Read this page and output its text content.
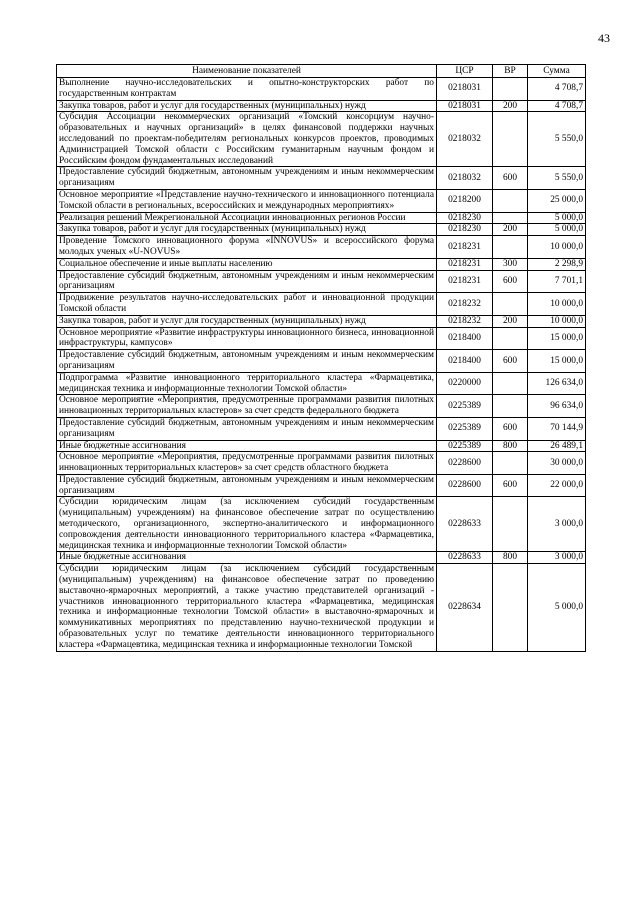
43
Наименование показателей	ЦСР	ВР	Сумма
Выполнение научно-исследовательских и опытно-конструкторских работ по государственным контрактам	0218031		4 708,7
Закупка товаров, работ и услуг для государственных (муниципальных) нужд	0218031	200	4 708,7
Субсидия Ассоциации некоммерческих организаций «Томский консорциум научно-образовательных и научных организаций» в целях финансовой поддержки научных исследований по проектам-победителям региональных конкурсов проектов, проводимых Администрацией Томской области с Российским гуманитарным научным фондом и Российским фондом фундаментальных исследований	0218032		5 550,0
Предоставление субсидий бюджетным, автономным учреждениям и иным некоммерческим организациям	0218032	600	5 550,0
Основное мероприятие «Представление научно-технического и инновационного потенциала Томской области в региональных, всероссийских и международных мероприятиях»	0218200		25 000,0
Реализация решений Межрегиональной Ассоциации инновационных регионов России	0218230		5 000,0
Закупка товаров, работ и услуг для государственных (муниципальных) нужд	0218230	200	5 000,0
Проведение Томского инновационного форума «INNOVUS» и всероссийского форума молодых ученых «U-NOVUS»	0218231		10 000,0
Социальное обеспечение и иные выплаты населению	0218231	300	2 298,9
Предоставление субсидий бюджетным, автономным учреждениям и иным некоммерческим организациям	0218231	600	7 701,1
Продвижение результатов научно-исследовательских работ и инновационной продукции Томской области	0218232		10 000,0
Закупка товаров, работ и услуг для государственных (муниципальных) нужд	0218232	200	10 000,0
Основное мероприятие «Развитие инфраструктуры инновационного бизнеса, инновационной инфраструктуры, кампусов»	0218400		15 000,0
Предоставление субсидий бюджетным, автономным учреждениям и иным некоммерческим организациям	0218400	600	15 000,0
Подпрограмма «Развитие инновационного территориального кластера «Фармацевтика, медицинская техника и информационные технологии Томской области»	0220000		126 634,0
Основное мероприятие «Мероприятия, предусмотренные программами развития пилотных инновационных территориальных кластеров» за счет средств федерального бюджета	0225389		96 634,0
Предоставление субсидий бюджетным, автономным учреждениям и иным некоммерческим организациям	0225389	600	70 144,9
Иные бюджетные ассигнования	0225389	800	26 489,1
Основное мероприятие «Мероприятия, предусмотренные программами развития пилотных инновационных территориальных кластеров» за счет средств областного бюджета	0228600		30 000,0
Предоставление субсидий бюджетным, автономным учреждениям и иным некоммерческим организациям	0228600	600	22 000,0
Субсидии юридическим лицам (за исключением субсидий государственным (муниципальным) учреждениям) на финансовое обеспечение затрат по осуществлению методического, организационного, экспертно-аналитического и информационного сопровождения деятельности инновационного территориального кластера «Фармацевтика, медицинская техника и информационные технологии Томской области»	0228633		3 000,0
Иные бюджетные ассигнования	0228633	800	3 000,0
Субсидии юридическим лицам (за исключением субсидий государственным (муниципальным) учреждениям) на финансовое обеспечение затрат по проведению выставочно-ярмарочных мероприятий, а также участию представителей организаций - участников инновационного территориального кластера «Фармацевтика, медицинская техника и информационные технологии Томской области» в выставочно-ярмарочных и коммуникативных мероприятиях по представлению научно-технической продукции и образовательных услуг по тематике деятельности инновационного территориального кластера «Фармацевтика, медицинская техника и информационные технологии Томской	0228634		5 000,0
